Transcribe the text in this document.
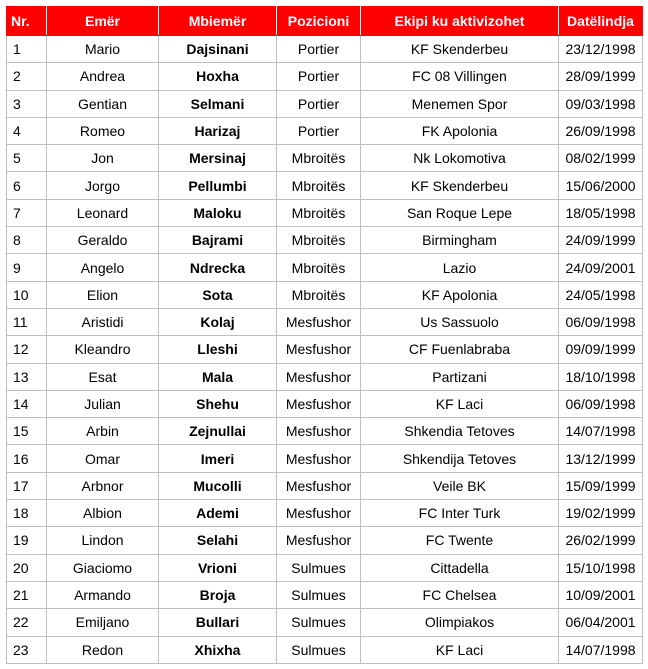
Nr.	Emër	Mbiemër	Pozicioni	Ekipi ku aktivizohet	Datëlindja
1	Mario	Dajsinani	Portier	KF Skenderbeu	23/12/1998
2	Andrea	Hoxha	Portier	FC 08 Villingen	28/09/1999
3	Gentian	Selmani	Portier	Menemen Spor	09/03/1998
4	Romeo	Harizaj	Portier	FK Apolonia	26/09/1998
5	Jon	Mersinaj	Mbroitës	Nk Lokomotiva	08/02/1999
6	Jorgo	Pellumbi	Mbroitës	KF Skenderbeu	15/06/2000
7	Leonard	Maloku	Mbroitës	San Roque Lepe	18/05/1998
8	Geraldo	Bajrami	Mbroitës	Birmingham	24/09/1999
9	Angelo	Ndrecka	Mbroitës	Lazio	24/09/2001
10	Elion	Sota	Mbroitës	KF Apolonia	24/05/1998
11	Aristidi	Kolaj	Mesfushor	Us Sassuolo	06/09/1998
12	Kleandro	Lleshi	Mesfushor	CF Fuenlabraba	09/09/1999
13	Esat	Mala	Mesfushor	Partizani	18/10/1998
14	Julian	Shehu	Mesfushor	KF Laci	06/09/1998
15	Arbin	Zejnullai	Mesfushor	Shkendia Tetoves	14/07/1998
16	Omar	Imeri	Mesfushor	Shkendija Tetoves	13/12/1999
17	Arbnor	Mucolli	Mesfushor	Veile BK	15/09/1999
18	Albion	Ademi	Mesfushor	FC Inter Turk	19/02/1999
19	Lindon	Selahi	Mesfushor	FC Twente	26/02/1999
20	Giaciomo	Vrioni	Sulmues	Cittadella	15/10/1998
21	Armando	Broja	Sulmues	FC Chelsea	10/09/2001
22	Emiljano	Bullari	Sulmues	Olimpiakos	06/04/2001
23	Redon	Xhixha	Sulmues	KF Laci	14/07/1998
